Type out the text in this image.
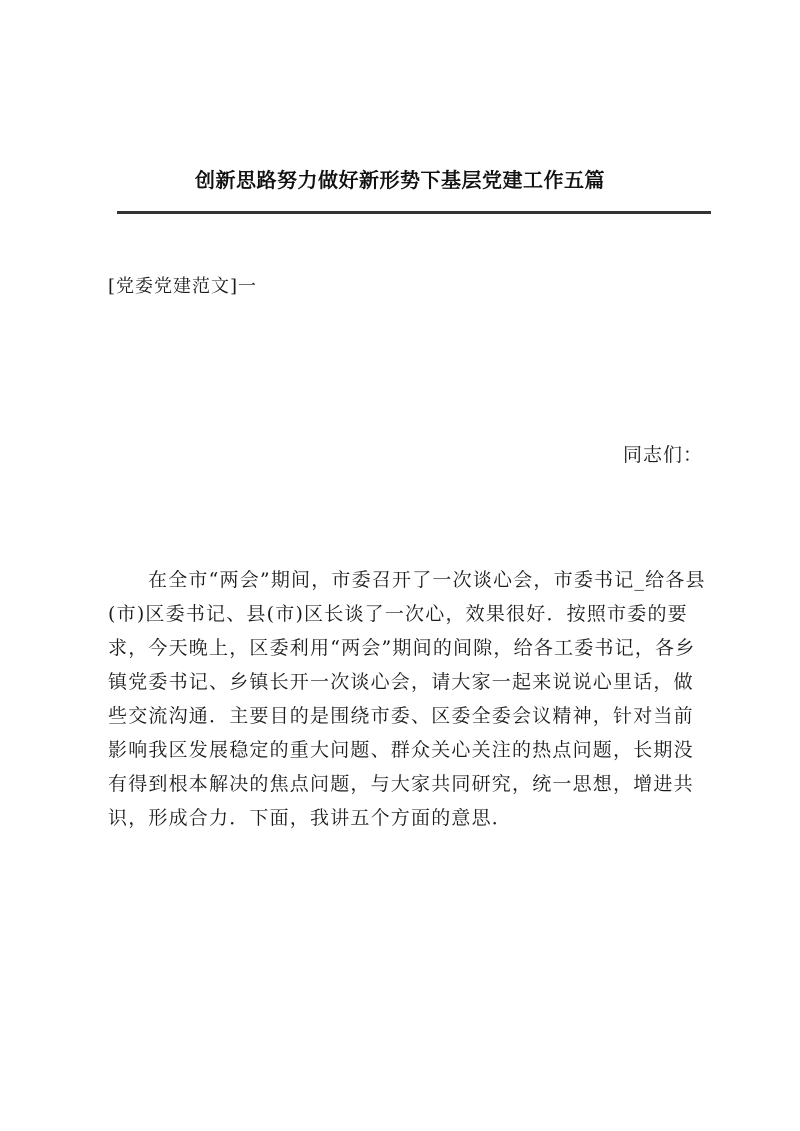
创新思路努力做好新形势下基层党建工作五篇
[党委党建范文]一
同志们：
在全市“两会”期间，市委召开了一次谈心会，市委书记_给各县(市)区委书记、县(市)区长谈了一次心，效果很好．按照市委的要求，今天晚上，区委利用“两会”期间的间隙，给各工委书记，各乡镇党委书记、乡镇长开一次谈心会，请大家一起来说说心里话，做些交流沟通．主要目的是围绕市委、区委全委会议精神，针对当前影响我区发展稳定的重大问题、群众关心关注的热点问题，长期没有得到根本解决的焦点问题，与大家共同研究，统一思想，增进共识，形成合力．下面，我讲五个方面的意思．
